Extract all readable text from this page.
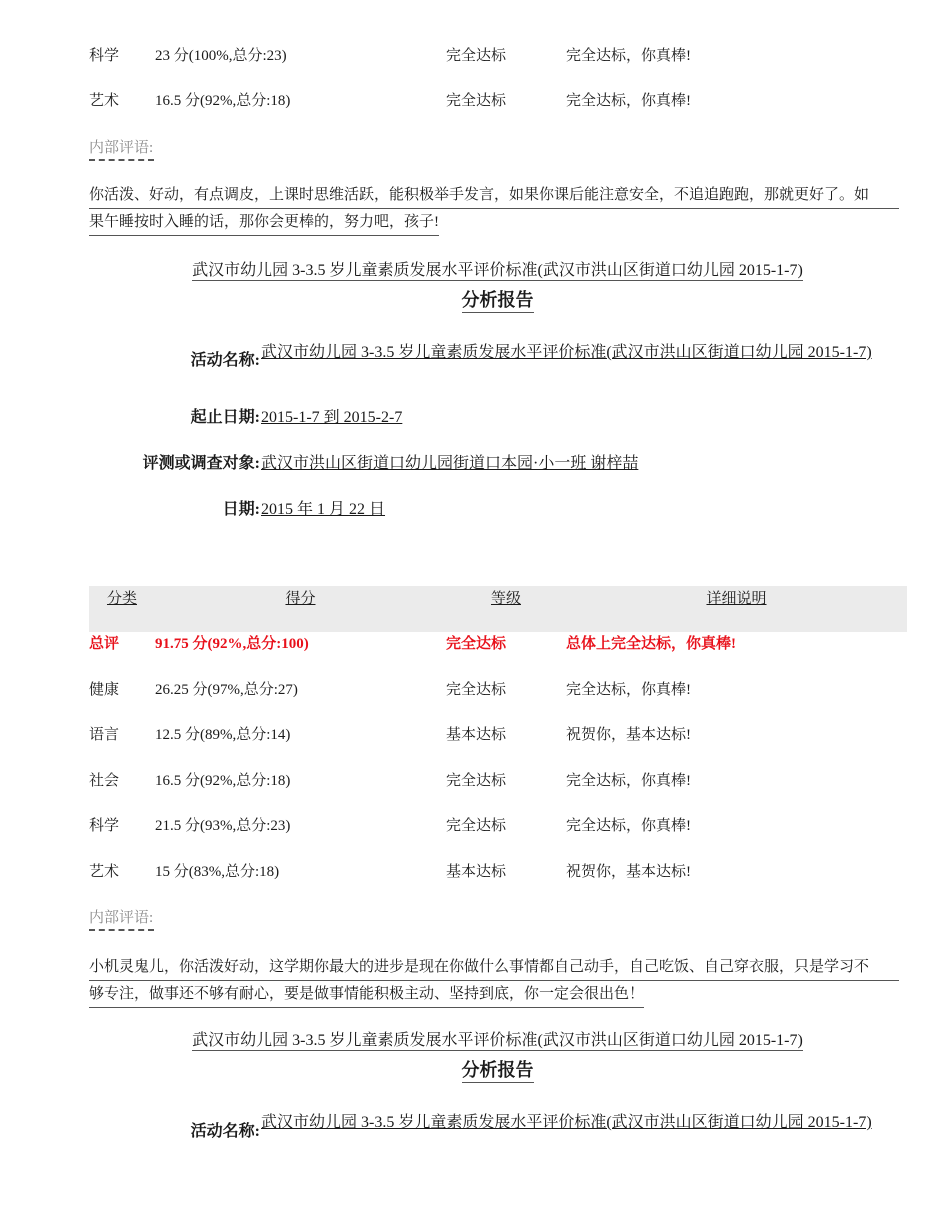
科学 23 分(100%,总分:23)	完全达标	完全达标，你真棒!
艺术 16.5 分(92%,总分:18)	完全达标	完全达标，你真棒!
内部评语:
你活泼、好动，有点调皮，上课时思维活跃，能积极举手发言，如果你课后能注意安全，不追追跑跑，那就更好了。如
果午睡按时入睡的话，那你会更棒的，努力吧，孩子!
武汉市幼儿园 3-3.5 岁儿童素质发展水平评价标准(武汉市洪山区街道口幼儿园 2015-1-7)
分析报告
活动名称: 武汉市幼儿园 3-3.5 岁儿童素质发展水平评价标准(武汉市洪山区街道口幼儿园 2015-1-7)
起止日期: 2015-1-7 到 2015-2-7
评测或调查对象: 武汉市洪山区街道口幼儿园街道口本园·小一班 谢梓喆
日期: 2015 年 1 月 22 日
分类	得分	等级	详细说明
总评 91.75 分(92%,总分:100)	完全达标	总体上完全达标，你真棒!
健康 26.25 分(97%,总分:27)	完全达标	完全达标，你真棒!
语言 12.5 分(89%,总分:14)	基本达标	祝贺你，基本达标!
社会 16.5 分(92%,总分:18)	完全达标	完全达标，你真棒!
科学 21.5 分(93%,总分:23)	完全达标	完全达标，你真棒!
艺术 15 分(83%,总分:18)	基本达标	祝贺你，基本达标!
内部评语:
小机灵鬼儿，你活泼好动，这学期你最大的进步是现在你做什么事情都自己动手，自己吃饭、自己穿衣服，只是学习不
够专注，做事还不够有耐心，要是做事情能积极主动、坚持到底，你一定会很出色！
武汉市幼儿园 3-3.5 岁儿童素质发展水平评价标准(武汉市洪山区街道口幼儿园 2015-1-7)
分析报告
活动名称:
武汉市幼儿园 3-3.5 岁儿童素质发展水平评价标准(武汉市洪山区街道口幼儿园 2015-1-7)
